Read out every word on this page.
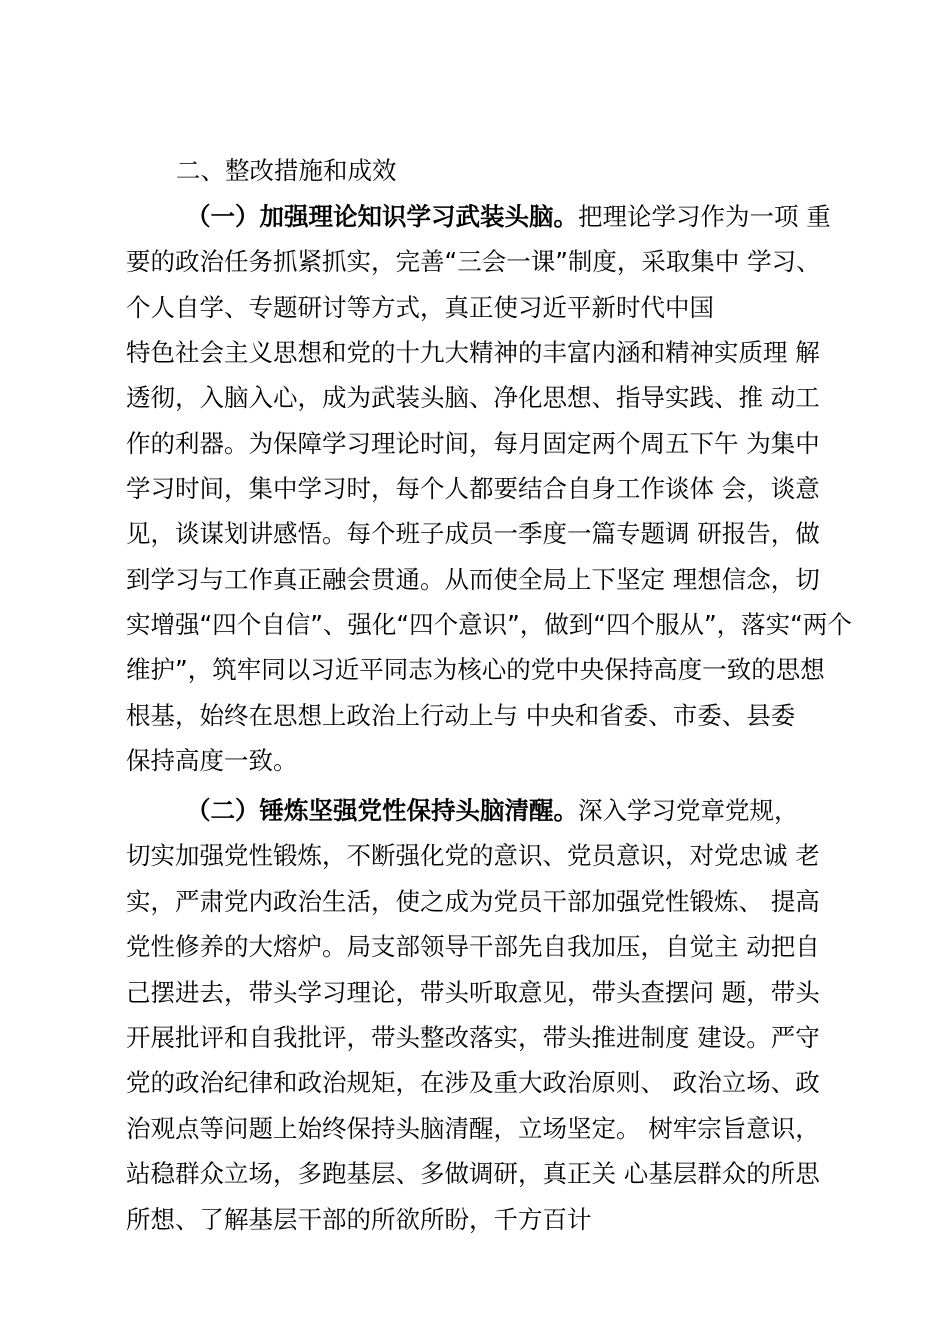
二、整改措施和成效

（一）加强理论知识学习武装头脑。把理论学习作为一项 重

要的政治任务抓紧抓实，完善“三会一课”制度，采取集中 学习、

个人自学、专题研讨等方式，真正使习近平新时代中国

特色社会主义思想和党的十九大精神的丰富内涵和精神实质理 解

透彻，入脑入心，成为武装头脑、净化思想、指导实践、推 动工

作的利器。为保障学习理论时间，每月固定两个周五下午 为集中

学习时间，集中学习时，每个人都要结合自身工作谈体 会，谈意

见，谈谋划讲感悟。每个班子成员一季度一篇专题调 研报告，做

到学习与工作真正融会贯通。从而使全局上下坚定 理想信念，切

实增强“四个自信”、强化“四个意识”，做到“四个服从”，落实“两个

维护”，筑牢同以习近平同志为核心的党中央保持高度一致的思想

根基，始终在思想上政治上行动上与 中央和省委、市委、县委

保持高度一致。

（二）锤炼坚强党性保持头脑清醒。深入学习党章党规，

切实加强党性锻炼，不断强化党的意识、党员意识，对党忠诚 老

实，严肃党内政治生活，使之成为党员干部加强党性锻炼、 提高

党性修养的大熔炉。局支部领导干部先自我加压，自觉主 动把自

己摆进去，带头学习理论，带头听取意见，带头查摆问 题，带头

开展批评和自我批评，带头整改落实，带头推进制度 建设。严守

党的政治纪律和政治规矩，在涉及重大政治原则、 政治立场、政

治观点等问题上始终保持头脑清醒，立场坚定。 树牢宗旨意识，

站稳群众立场，多跑基层、多做调研，真正关 心基层群众的所思

所想、了解基层干部的所欲所盼，千方百计
